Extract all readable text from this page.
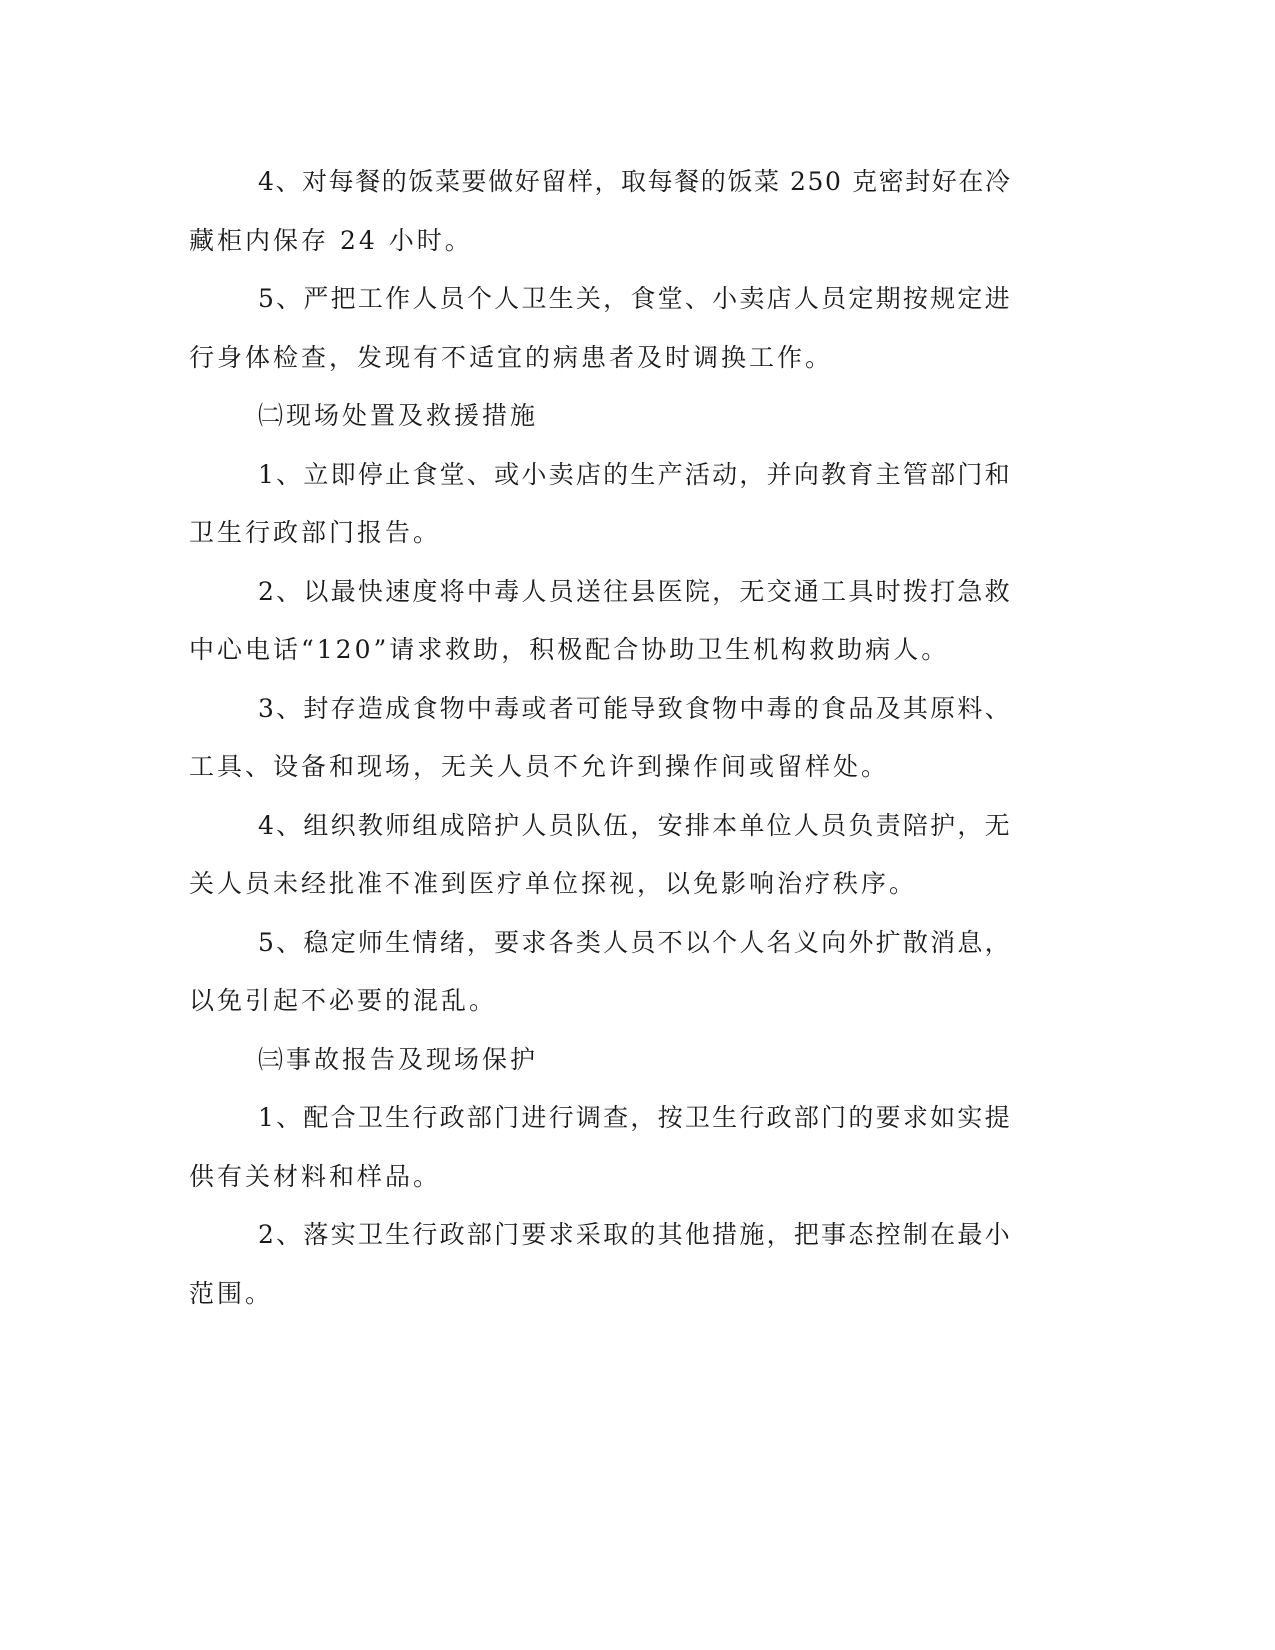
4、对每餐的饭菜要做好留样，取每餐的饭菜 250 克密封好在冷
藏柜内保存 24 小时。
5、严把工作人员个人卫生关，食堂、小卖店人员定期按规定进
行身体检查，发现有不适宜的病患者及时调换工作。
㈡现场处置及救援措施
1、立即停止食堂、或小卖店的生产活动，并向教育主管部门和
卫生行政部门报告。
2、以最快速度将中毒人员送往县医院，无交通工具时拨打急救
中心电话“120”请求救助，积极配合协助卫生机构救助病人。
3、封存造成食物中毒或者可能导致食物中毒的食品及其原料、
工具、设备和现场，无关人员不允许到操作间或留样处。
4、组织教师组成陪护人员队伍，安排本单位人员负责陪护，无
关人员未经批准不准到医疗单位探视，以免影响治疗秩序。
5、稳定师生情绪，要求各类人员不以个人名义向外扩散消息，
以免引起不必要的混乱。
㈢事故报告及现场保护
1、配合卫生行政部门进行调查，按卫生行政部门的要求如实提
供有关材料和样品。
2、落实卫生行政部门要求采取的其他措施，把事态控制在最小
范围。
